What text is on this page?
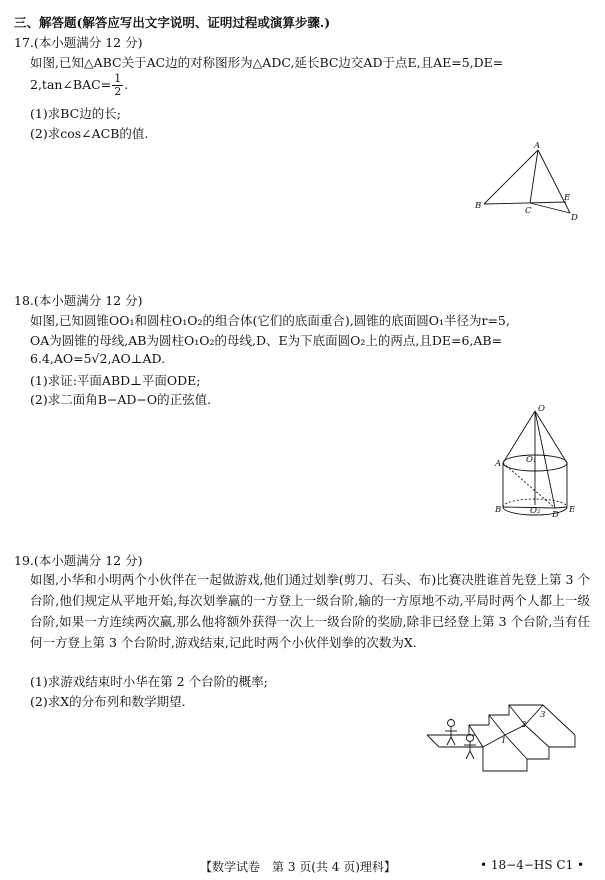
三、解答题(解答应写出文字说明、证明过程或演算步骤.)
17.(本小题满分 12 分)
如图,已知△ABC关于AC边的对称图形为△ADC,延长BC边交AD于点E,且AE=5,DE=
2,tan∠BAC= $\frac{1}{2}$ .
(1)求BC边的长;
(2)求cos∠ACB的值.
A
B	C
E
D
18.(本小题满分 12 分)
如图,已知圆锥OO₁和圆柱O₁O₂的组合体(它们的底面重合),圆锥的底面圆O₁半径为r=5,
OA为圆锥的母线,AB为圆柱O₁O₂的母线,D、E为下底面圆O₂上的两点,且DE=6,AB=
6.4,AO=5√2,AO⊥AD.
(1)求证:平面ABD⊥平面ODE;
(2)求二面角B−AD−O的正弦值.
O
A	O₁
B	O₂ D E
19.(本小题满分 12 分)
如图,小华和小明两个小伙伴在一起做游戏,他们通过划拳(剪刀、石头、布)比赛决胜谁首先登上第 3 个台阶,他们规定从平地开始,每次划拳赢的一方登上一级台阶,输的一方原地不动,平局时两个人都上一级台阶,如果一方连续两次赢,那么他将额外获得一次上一级台阶的奖励,除非已经登上第 3 个台阶,当有任何一方登上第 3 个台阶时,游戏结束,记此时两个小伙伴划拳的次数为X.
(1)求游戏结束时小华在第 2 个台阶的概率;
(2)求X的分布列和数学期望.
1
2
3
【数学试卷　第 3 页(共 4 页)理科】	• 18−4−HS C1 •
